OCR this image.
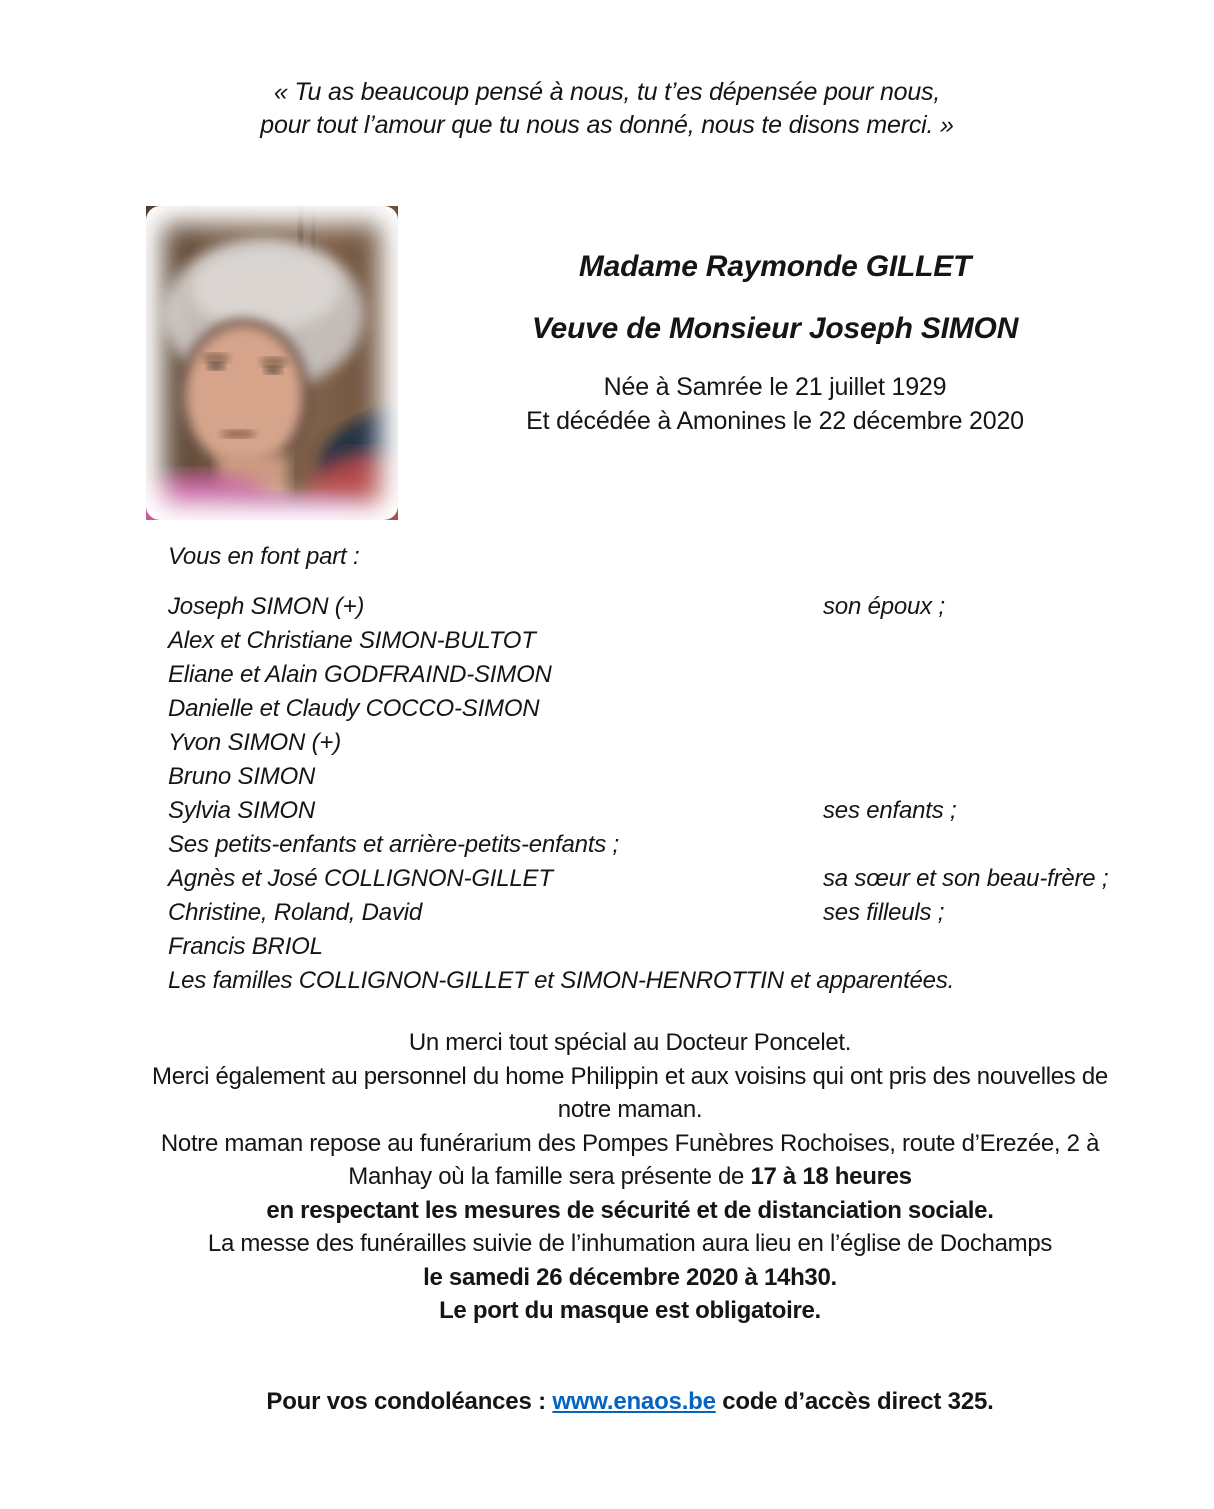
« Tu as beaucoup pensé à nous, tu t’es dépensée pour nous,
pour tout l’amour que tu nous as donné, nous te disons merci. »
Madame Raymonde GILLET
Veuve de Monsieur Joseph SIMON
Née à Samrée le 21 juillet 1929
Et décédée à Amonines le 22 décembre 2020
Vous en font part :
Joseph SIMON (+)	son époux ;
Alex et Christiane SIMON-BULTOT
Eliane et Alain GODFRAIND-SIMON
Danielle et Claudy COCCO-SIMON
Yvon SIMON (+)
Bruno SIMON
Sylvia SIMON	ses enfants ;
Ses petits-enfants et arrière-petits-enfants ;
Agnès et José COLLIGNON-GILLET	sa sœur et son beau-frère ;
Christine, Roland, David	ses filleuls ;
Francis BRIOL
Les familles COLLIGNON-GILLET et SIMON-HENROTTIN et apparentées.
Un merci tout spécial au Docteur Poncelet.
Merci également au personnel du home Philippin et aux voisins qui ont pris des nouvelles de
notre maman.
Notre maman repose au funérarium des Pompes Funèbres Rochoises, route d’Erezée, 2 à
Manhay où la famille sera présente de 17 à 18 heures
en respectant les mesures de sécurité et de distanciation sociale.
La messe des funérailles suivie de l’inhumation aura lieu en l’église de Dochamps
le samedi 26 décembre 2020 à 14h30.
Le port du masque est obligatoire.
Pour vos condoléances : www.enaos.be code d’accès direct 325.
